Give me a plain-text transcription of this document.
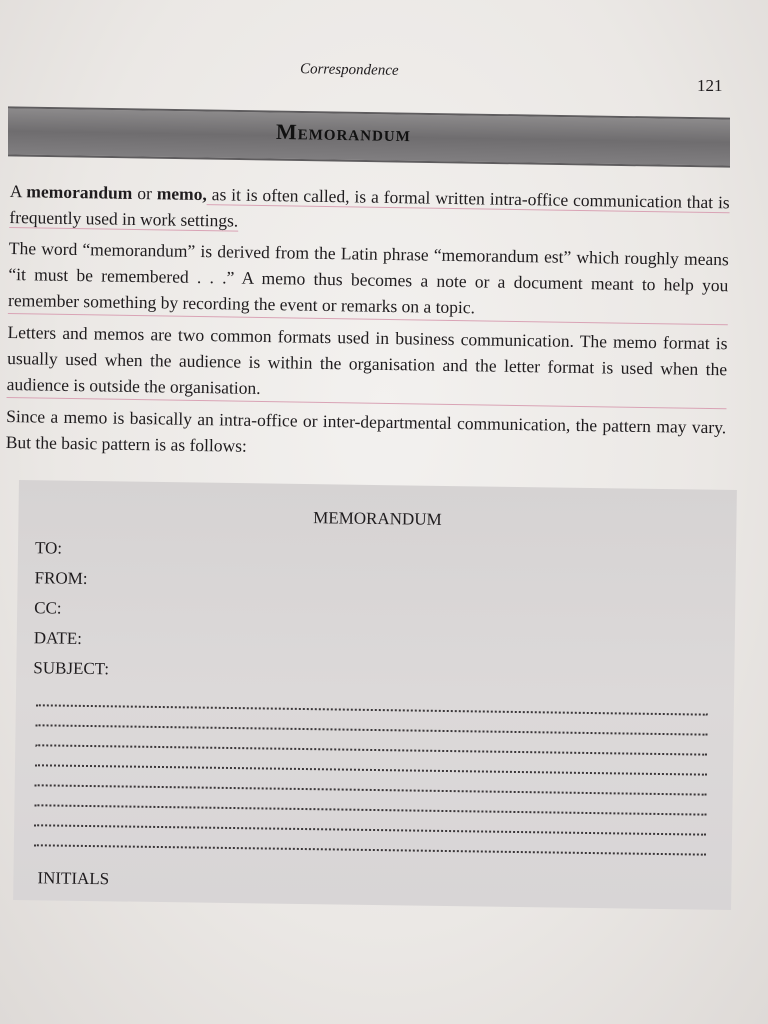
Correspondence
121
Memorandum

A memorandum or memo, as it is often called, is a formal written intra-office communication that is frequently used in work settings.

The word “memorandum” is derived from the Latin phrase “memorandum est” which roughly means “it must be remembered . . .” A memo thus becomes a note or a document meant to help you remember something by recording the event or remarks on a topic.

Letters and memos are two common formats used in business communication. The memo format is usually used when the audience is within the organisation and the letter format is used when the audience is outside the organisation.

Since a memo is basically an intra-office or inter-departmental communication, the pattern may vary. But the basic pattern is as follows:

MEMORANDUM
TO:
FROM:
CC:
DATE:
SUBJECT:
INITIALS
